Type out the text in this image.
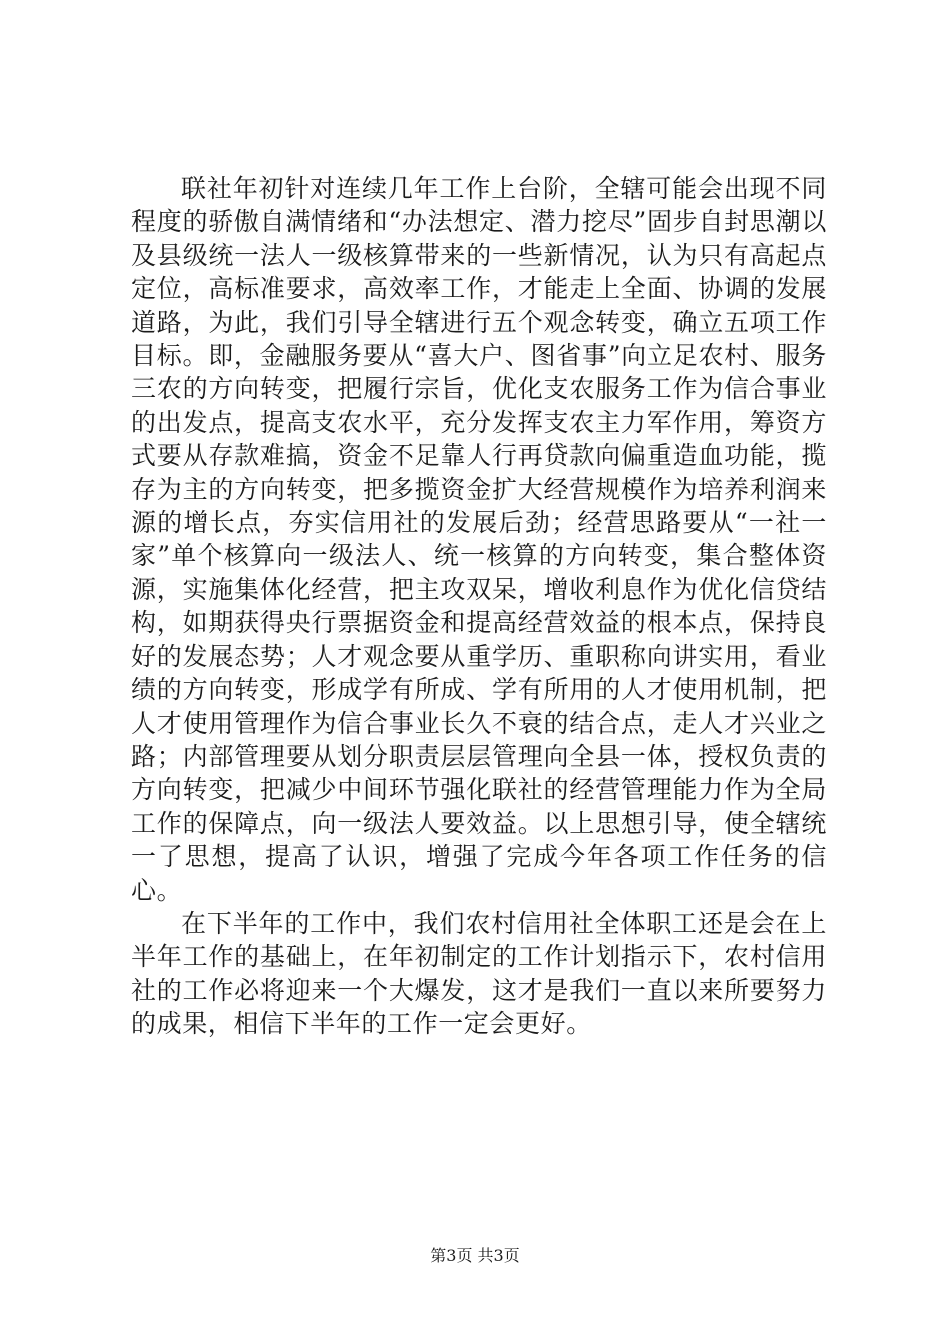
联社年初针对连续几年工作上台阶，全辖可能会出现不同程度的骄傲自满情绪和“办法想定、潜力挖尽”固步自封思潮以及县级统一法人一级核算带来的一些新情况，认为只有高起点定位，高标准要求，高效率工作，才能走上全面、协调的发展道路，为此，我们引导全辖进行五个观念转变，确立五项工作目标。即，金融服务要从“喜大户、图省事”向立足农村、服务三农的方向转变，把履行宗旨，优化支农服务工作为信合事业的出发点，提高支农水平，充分发挥支农主力军作用，筹资方式要从存款难搞，资金不足靠人行再贷款向偏重造血功能，揽存为主的方向转变，把多揽资金扩大经营规模作为培养利润来源的增长点，夯实信用社的发展后劲；经营思路要从“一社一家”单个核算向一级法人、统一核算的方向转变，集合整体资源，实施集体化经营，把主攻双呆，增收利息作为优化信贷结构，如期获得央行票据资金和提高经营效益的根本点，保持良好的发展态势；人才观念要从重学历、重职称向讲实用，看业绩的方向转变，形成学有所成、学有所用的人才使用机制，把人才使用管理作为信合事业长久不衰的结合点，走人才兴业之路；内部管理要从划分职责层层管理向全县一体，授权负责的方向转变，把减少中间环节强化联社的经营管理能力作为全局工作的保障点，向一级法人要效益。以上思想引导，使全辖统一了思想，提高了认识，增强了完成今年各项工作任务的信心。

在下半年的工作中，我们农村信用社全体职工还是会在上半年工作的基础上，在年初制定的工作计划指示下，农村信用社的工作必将迎来一个大爆发，这才是我们一直以来所要努力的成果，相信下半年的工作一定会更好。

第3页 共3页
